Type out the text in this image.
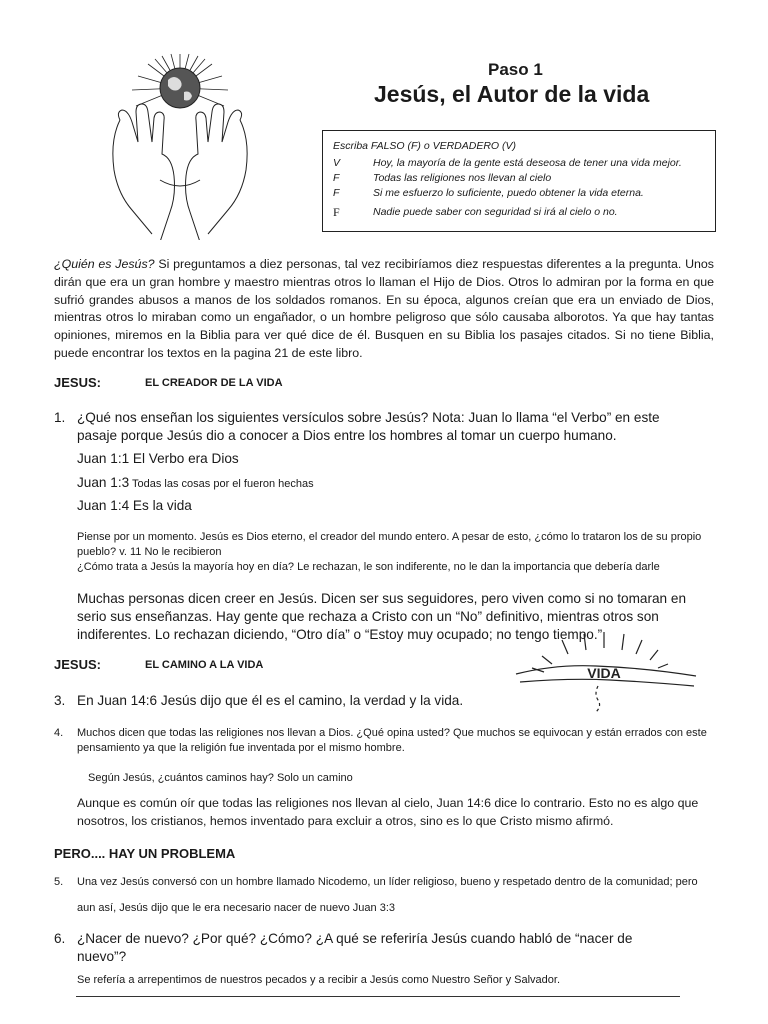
Paso 1
Jesús, el Autor de la vida
Escriba FALSO (F) o VERDADERO (V)
V	Hoy, la mayoría de la gente está deseosa de tener una vida mejor.
F	Todas las religiones nos llevan al cielo
F	Si me esfuerzo lo suficiente, puedo obtener la vida eterna.
F	Nadie puede saber con seguridad si irá al cielo o no.
¿Quién es Jesús? Si preguntamos a diez personas, tal vez recibiríamos diez respuestas diferentes a la pregunta. Unos dirán que era un gran hombre y maestro mientras otros lo llaman el Hijo de Dios. Otros lo admiran por la forma en que sufrió grandes abusos a manos de los soldados romanos. En su época, algunos creían que era un enviado de Dios, mientras otros lo miraban como un engañador, o un hombre peligroso que sólo causaba alborotos. Ya que hay tantas opiniones, miremos en la Biblia para ver qué dice de él. Busquen en su Biblia los pasajes citados. Si no tiene Biblia, puede encontrar los textos en la pagina 21 de este libro.
JESUS:	EL CREADOR DE LA VIDA
1. ¿Qué nos enseñan los siguientes versículos sobre Jesús? Nota: Juan lo llama “el Verbo” en este pasaje porque Jesús dio a conocer a Dios entre los hombres al tomar un cuerpo humano.
Juan 1:1 El Verbo era Dios
Juan 1:3 Todas las cosas por el fueron hechas
Juan 1:4 Es la vida
Piense por un momento. Jesús es Dios eterno, el creador del mundo entero. A pesar de esto, ¿cómo lo trataron los de su propio pueblo? v. 11 No le recibieron
¿Cómo trata a Jesús la mayoría hoy en día? Le rechazan, le son indiferente, no le dan la importancia que debería darle
Muchas personas dicen creer en Jesús. Dicen ser sus seguidores, pero viven como si no tomaran en serio sus enseñanzas. Hay gente que rechaza a Cristo con un “No” definitivo, mientras otros son indiferentes. Lo rechazan diciendo, “Otro día” o “Estoy muy ocupado; no tengo tiempo.”
JESUS:	EL CAMINO A LA VIDA	VIDA
3. En Juan 14:6 Jesús dijo que él es el camino, la verdad y la vida.
4. Muchos dicen que todas las religiones nos llevan a Dios. ¿Qué opina usted? Que muchos se equivocan y están errados con este pensamiento ya que la religión fue inventada por el mismo hombre.
Según Jesús, ¿cuántos caminos hay? Solo un camino
Aunque es común oír que todas las religiones nos llevan al cielo, Juan 14:6 dice lo contrario. Esto no es algo que nosotros, los cristianos, hemos inventado para excluir a otros, sino es lo que Cristo mismo afirmó.
PERO.... HAY UN PROBLEMA
5. Una vez Jesús conversó con un hombre llamado Nicodemo, un líder religioso, bueno y respetado dentro de la comunidad; pero aun así, Jesús dijo que le era necesario nacer de nuevo Juan 3:3
6. ¿Nacer de nuevo? ¿Por qué? ¿Cómo? ¿A qué se referiría Jesús cuando habló de “nacer de nuevo”?
Se refería a arrepentimos de nuestros pecados y a recibir a Jesús como Nuestro Señor y Salvador.
